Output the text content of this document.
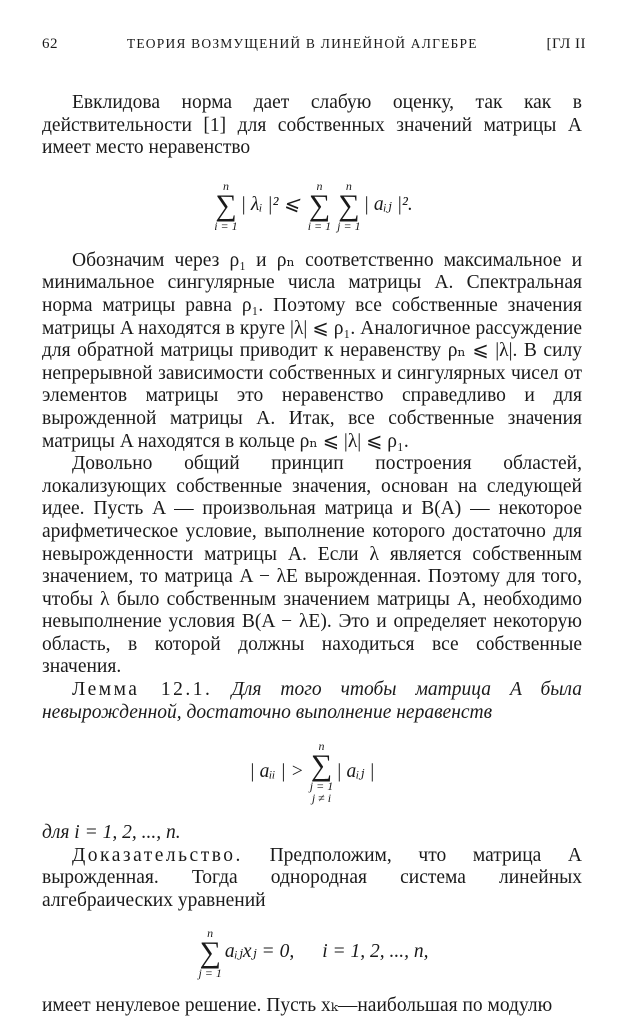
62	ТЕОРИЯ ВОЗМУЩЕНИЙ В ЛИНЕЙНОЙ АЛГЕБРЕ	[ГЛ II

Евклидова норма дает слабую оценку, так как в действительности [1] для собственных значений матрицы A имеет место неравенство

n
∑
i = 1
| λᵢ |² ⩽
n
∑
i = 1
n
∑
j = 1
| aᵢⱼ |².

Обозначим через ρ₁ и ρₙ соответственно максимальное и минимальное сингулярные числа матрицы A. Спектральная норма матрицы равна ρ₁. Поэтому все собственные значения матрицы A находятся в круге |λ| ⩽ ρ₁. Аналогичное рассуждение для обратной матрицы приводит к неравенству ρₙ ⩽ |λ|. В силу непрерывной зависимости собственных и сингулярных чисел от элементов матрицы это неравенство справедливо и для вырожденной матрицы A. Итак, все собственные значения матрицы A находятся в кольце ρₙ ⩽ |λ| ⩽ ρ₁.

Довольно общий принцип построения областей, локализующих собственные значения, основан на следующей идее. Пусть A — произвольная матрица и B(A) — некоторое арифметическое условие, выполнение которого достаточно для невырожденности матрицы A. Если λ является собственным значением, то матрица A − λE вырожденная. Поэтому для того, чтобы λ было собственным значением матрицы A, необходимо невыполнение условия B(A − λE). Это и определяет некоторую область, в которой должны находиться все собственные значения.

Лемма 12.1. Для того чтобы матрица A была невырожденной, достаточно выполнение неравенств

| aᵢᵢ | >
n
∑
j = 1
j ≠ i
| aᵢⱼ |

для i = 1, 2, ..., n.

Доказательство. Предположим, что матрица A вырожденная. Тогда однородная система линейных алгебраических уравнений

n
∑
j = 1
aᵢⱼxⱼ = 0, i = 1, 2, ..., n,

имеет ненулевое решение. Пусть xₖ—наибольшая по модулю
